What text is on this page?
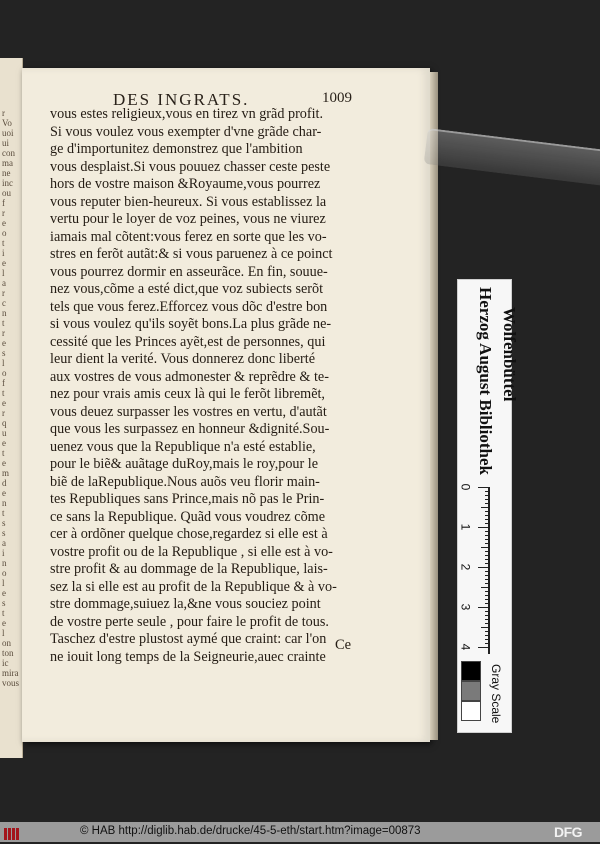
r
Vo
uoi
ui
con
ma
ne
inc
ou
f
r
e
o
t
i
e
l
a
r
c
n
t
r
e
s
l
o
f
t
e
r
q
u
e
t
e
m
d
e
n
t
s
s
a
i
n
o
l
e
s
t
e
l
on
ton
ic
mira
vous
DES INGRATS.	1009
vous estes religieux,vous en tirez vn grãd profit.
Si vous voulez vous exempter d'vne grãde char-
ge d'importunitez demonstrez que l'ambition
vous desplaist.Si vous pouuez chasser ceste peste
hors de vostre maison &Royaume,vous pourrez
vous reputer bien-heureux. Si vous establissez la
vertu pour le loyer de voz peines, vous ne viurez
iamais mal cõtent:vous ferez en sorte que les vo-
stres en ferõt autãt:& si vous paruenez à ce poinct
vous pourrez dormir en asseurãce. En fin, souue-
nez vous,cõme a esté dict,que voz subiects serõt
tels que vous ferez.Efforcez vous dõc d'estre bon
si vous voulez qu'ils soyẽt bons.La plus grãde ne-
cessité que les Princes ayẽt,est de personnes, qui
leur dient la verité. Vous donnerez donc liberté
aux vostres de vous admonester & reprẽdre & te-
nez pour vrais amis ceux là qui le ferõt libremẽt,
vous deuez surpasser les vostres en vertu, d'autãt
que vous les surpassez en honneur &dignité.Sou-
uenez vous que la Republique n'a esté establie,
pour le biẽ& auãtage duRoy,mais le roy,pour le
biẽ de laRepublique.Nous auõs veu florir main-
tes Republiques sans Prince,mais nõ pas le Prin-
ce sans la Republique. Quãd vous voudrez cõme
cer à ordõner quelque chose,regardez si elle est à
vostre profit ou de la Republique , si elle est à vo-
stre profit & au dommage de la Republique, lais-
sez la si elle est au profit de la Republique & à vo-
stre dommage,suiuez la,&ne vous souciez point
de vostre perte seule , pour faire le profit de tous.
Taschez d'estre plustost aymé que craint: car l'on
ne iouit long temps de la Seigneurie,auec crainte
Ce
Herzog August Bibliothek Wolfenbüttel
Gray Scale
0
1
2
3
4
© HAB http://diglib.hab.de/drucke/45-5-eth/start.htm?image=00873	DFG
